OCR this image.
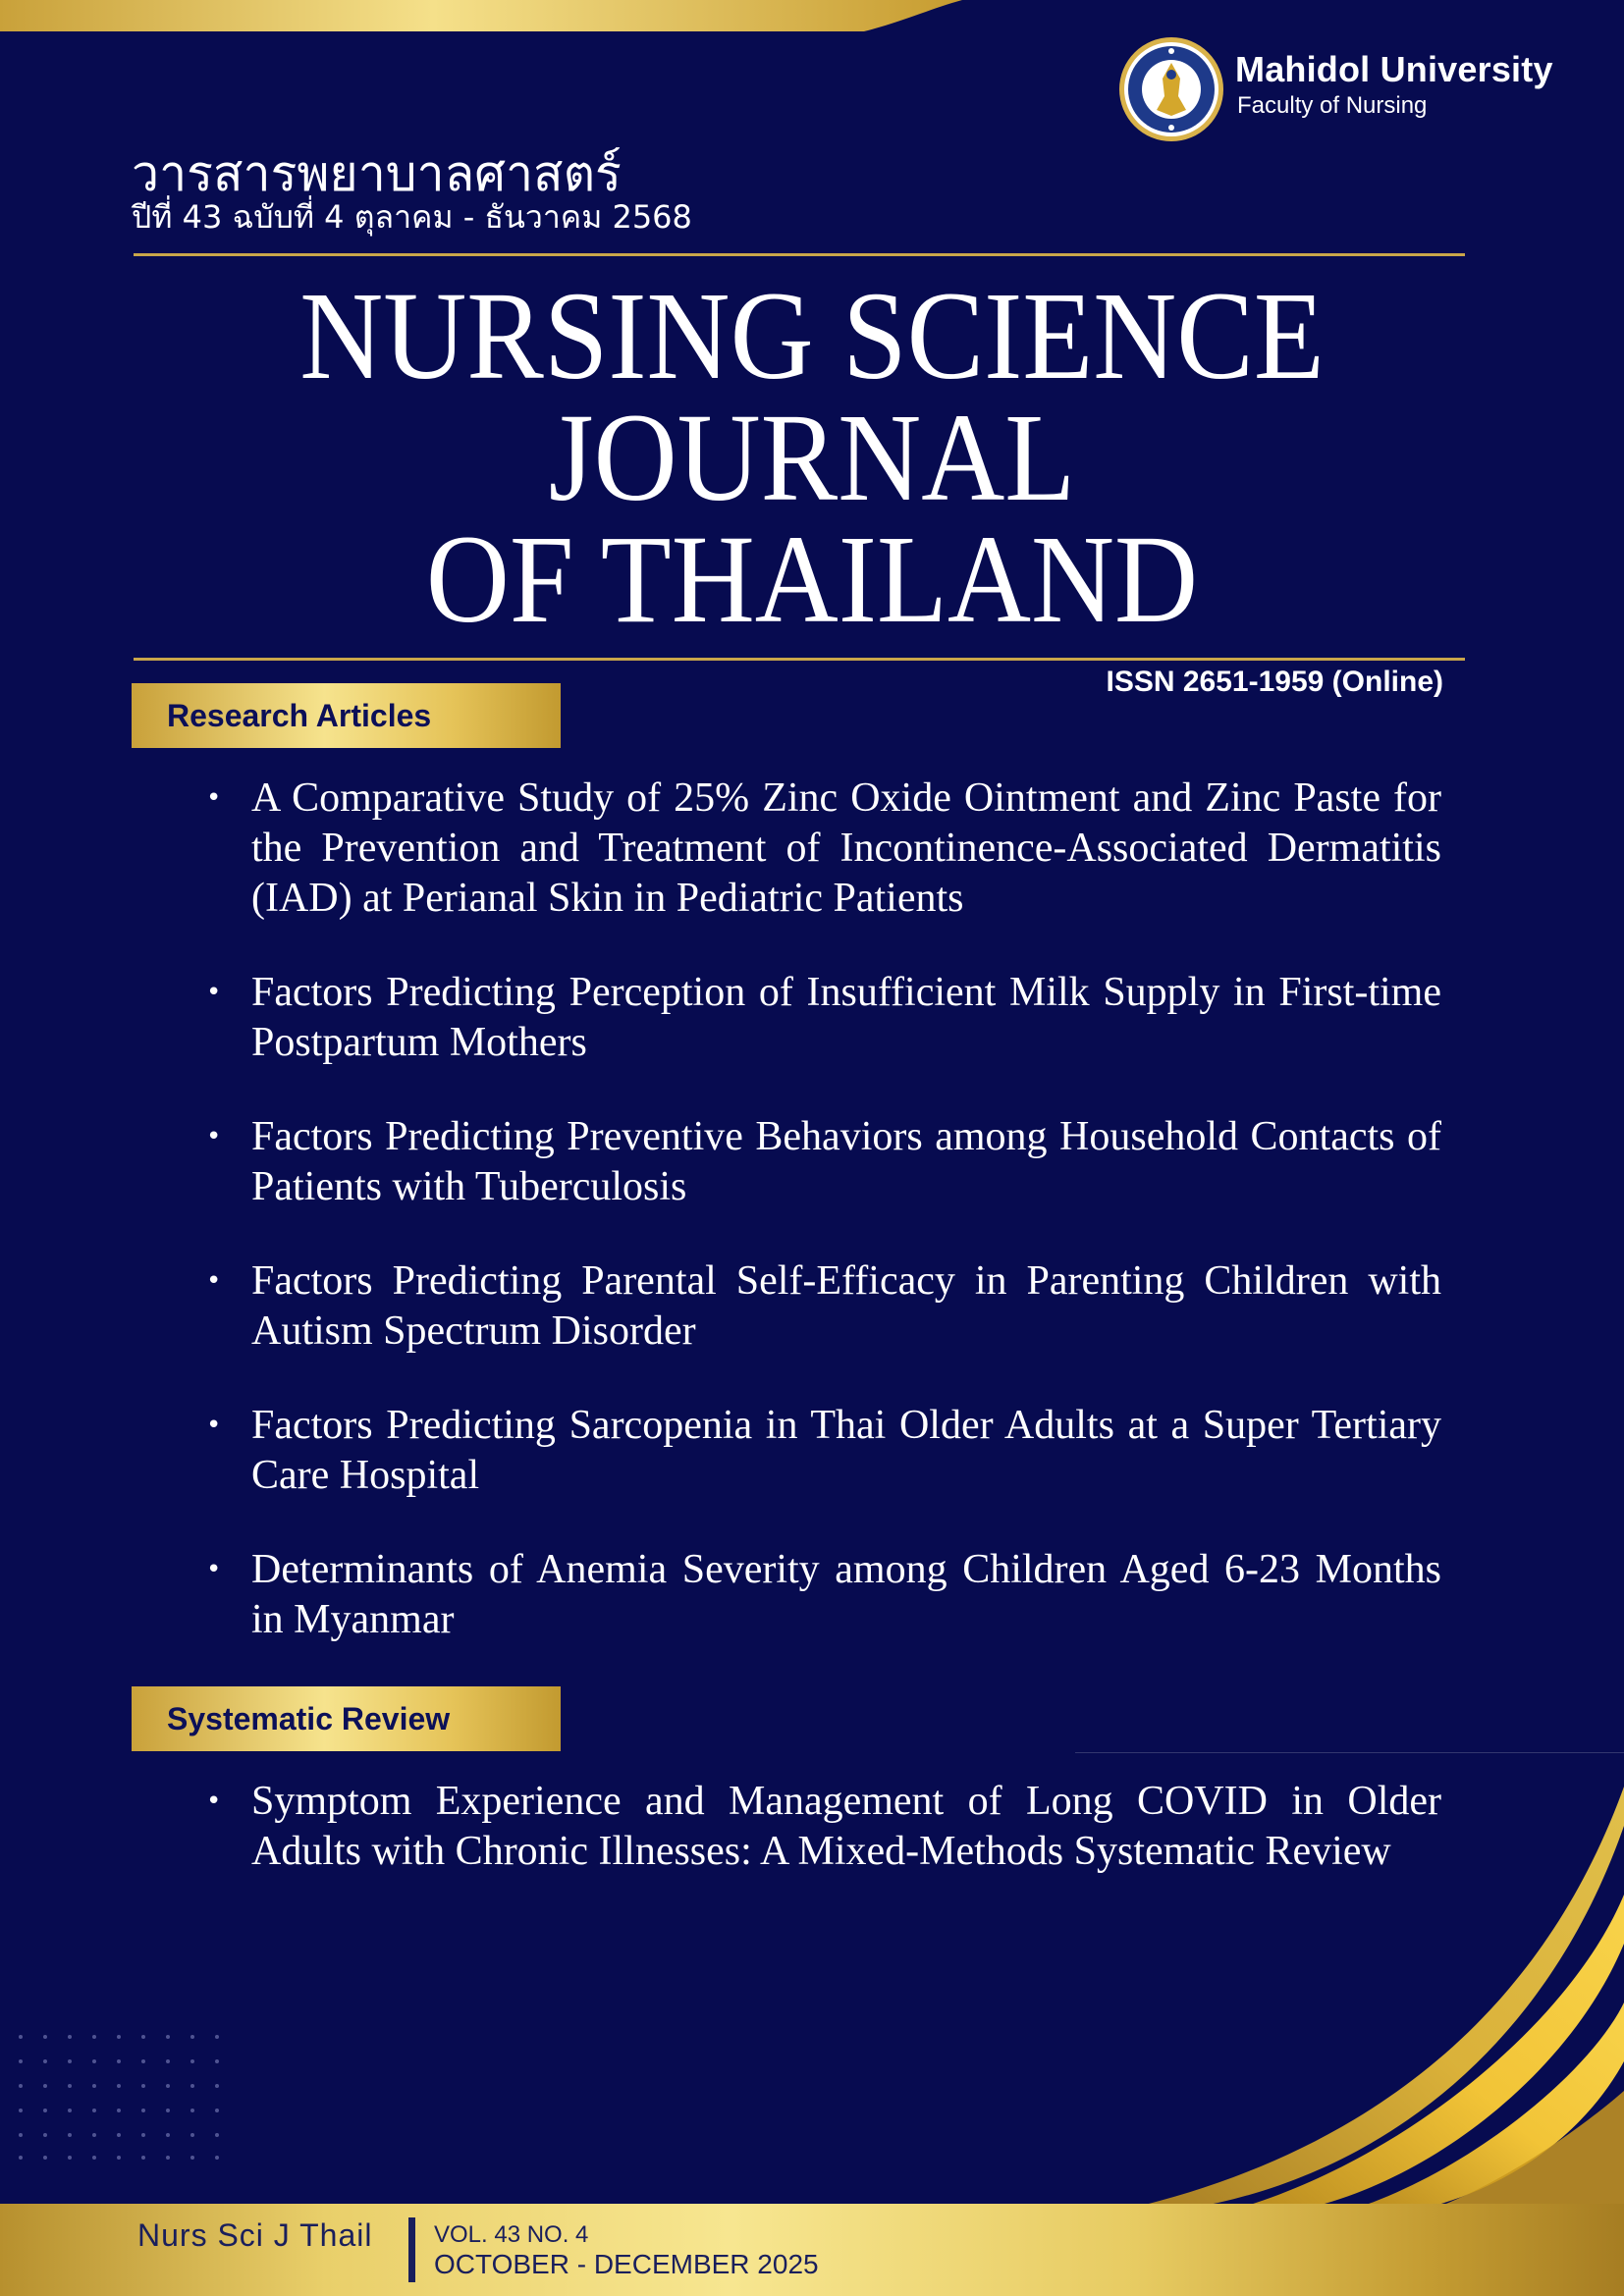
Mahidol University
Faculty of Nursing
วารสารพยาบาลศาสตร์
ปีที่ 43 ฉบับที่ 4 ตุลาคม - ธันวาคม 2568
NURSING SCIENCE
JOURNAL
OF THAILAND
ISSN 2651-1959 (Online)
Research Articles
• A Comparative Study of 25% Zinc Oxide Ointment and Zinc Paste for the Prevention and Treatment of Incontinence-Associated Dermatitis (IAD) at Perianal Skin in Pediatric Patients
• Factors Predicting Perception of Insufficient Milk Supply in First-time Postpartum Mothers
• Factors Predicting Preventive Behaviors among Household Contacts of Patients with Tuberculosis
• Factors Predicting Parental Self-Efficacy in Parenting Children with Autism Spectrum Disorder
• Factors Predicting Sarcopenia in Thai Older Adults at a Super Tertiary Care Hospital
• Determinants of Anemia Severity among Children Aged 6-23 Months in Myanmar
Systematic Review
• Symptom Experience and Management of Long COVID in Older Adults with Chronic Illnesses: A Mixed-Methods Systematic Review
Nurs Sci J Thail	VOL. 43 NO. 4
OCTOBER - DECEMBER 2025
